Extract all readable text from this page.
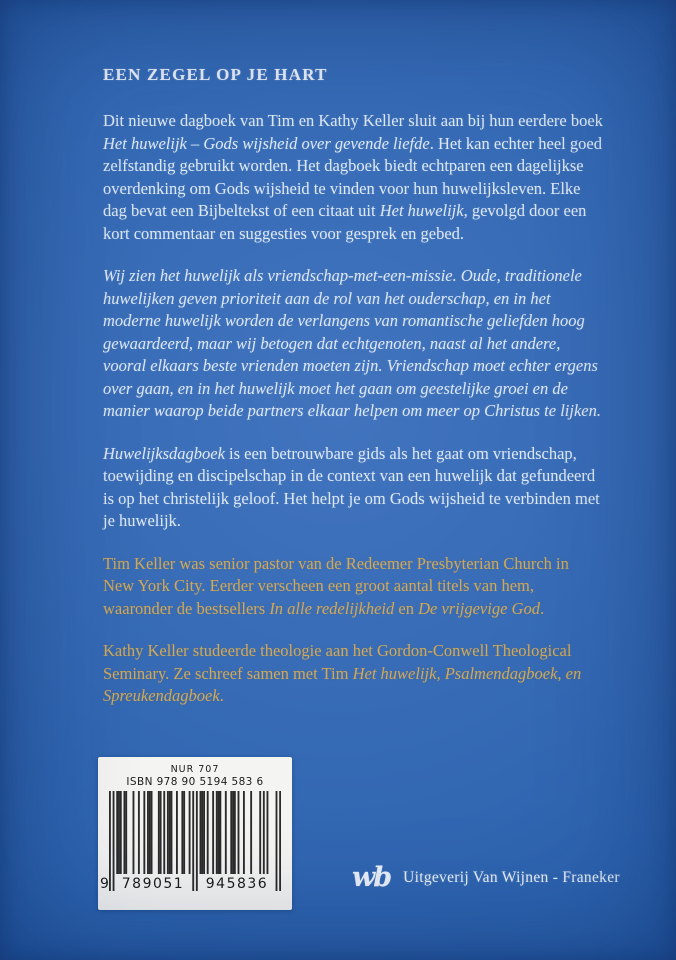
EEN ZEGEL OP JE HART

Dit nieuwe dagboek van Tim en Kathy Keller sluit aan bij hun eerdere boek Het huwelijk – Gods wijsheid over gevende liefde. Het kan echter heel goed zelfstandig gebruikt worden. Het dagboek biedt echtparen een dagelijkse overdenking om Gods wijsheid te vinden voor hun huwelijksleven. Elke dag bevat een Bijbeltekst of een citaat uit Het huwelijk, gevolgd door een kort commentaar en suggesties voor gesprek en gebed.

Wij zien het huwelijk als vriendschap-met-een-missie. Oude, traditionele huwelijken geven prioriteit aan de rol van het ouderschap, en in het moderne huwelijk worden de verlangens van romantische geliefden hoog gewaardeerd, maar wij betogen dat echtgenoten, naast al het andere, vooral elkaars beste vrienden moeten zijn. Vriendschap moet echter ergens over gaan, en in het huwelijk moet het gaan om geestelijke groei en de manier waarop beide partners elkaar helpen om meer op Christus te lijken.

Huwelijksdagboek is een betrouwbare gids als het gaat om vriendschap, toewijding en discipelschap in de context van een huwelijk dat gefundeerd is op het christelijk geloof. Het helpt je om Gods wijsheid te verbinden met je huwelijk.

Tim Keller was senior pastor van de Redeemer Presbyterian Church in New York City. Eerder verscheen een groot aantal titels van hem, waaronder de bestsellers In alle redelijkheid en De vrijgevige God.

Kathy Keller studeerde theologie aan het Gordon-Conwell Theological Seminary. Ze schreef samen met Tim Het huwelijk, Psalmendagboek, en Spreukendagboek.

NUR 707
ISBN 978 90 5194 583 6
9 789051 945836	wb Uitgeverij Van Wijnen - Franeker
